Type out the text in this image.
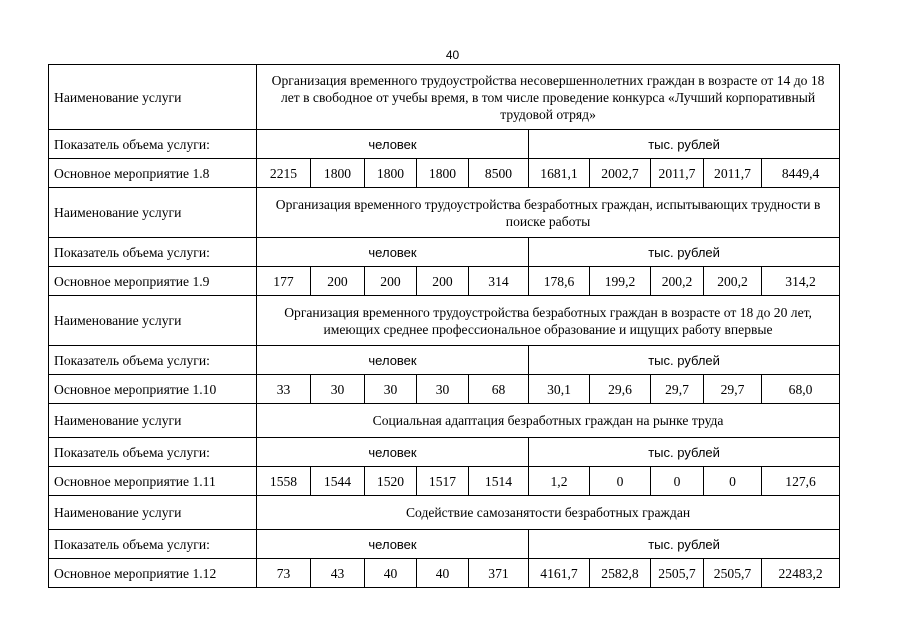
40
Наименование услуги	Организация временного трудоустройства несовершеннолетних граждан в возрасте от 14 до 18 лет в свободное от учебы время, в том числе проведение конкурса «Лучший корпоративный трудовой отряд»									
Показатель объема услуги:	человек					тыс. рублей				
Основное мероприятие 1.8	2215	1800	1800	1800	8500	1681,1	2002,7	2011,7	2011,7	8449,4
Наименование услуги	Организация временного трудоустройства безработных граждан, испытывающих трудности в поиске работы									
Показатель объема услуги:	человек					тыс. рублей				
Основное мероприятие 1.9	177	200	200	200	314	178,6	199,2	200,2	200,2	314,2
Наименование услуги	Организация временного трудоустройства безработных граждан в возрасте от 18 до 20 лет, имеющих среднее профессиональное образование и ищущих работу впервые									
Показатель объема услуги:	человек					тыс. рублей				
Основное мероприятие 1.10	33	30	30	30	68	30,1	29,6	29,7	29,7	68,0
Наименование услуги	Социальная адаптация безработных граждан на рынке труда									
Показатель объема услуги:	человек					тыс. рублей				
Основное мероприятие 1.11	1558	1544	1520	1517	1514	1,2	0	0	0	127,6
Наименование услуги	Содействие самозанятости безработных граждан									
Показатель объема услуги:	человек					тыс. рублей				
Основное мероприятие 1.12	73	43	40	40	371	4161,7	2582,8	2505,7	2505,7	22483,2
